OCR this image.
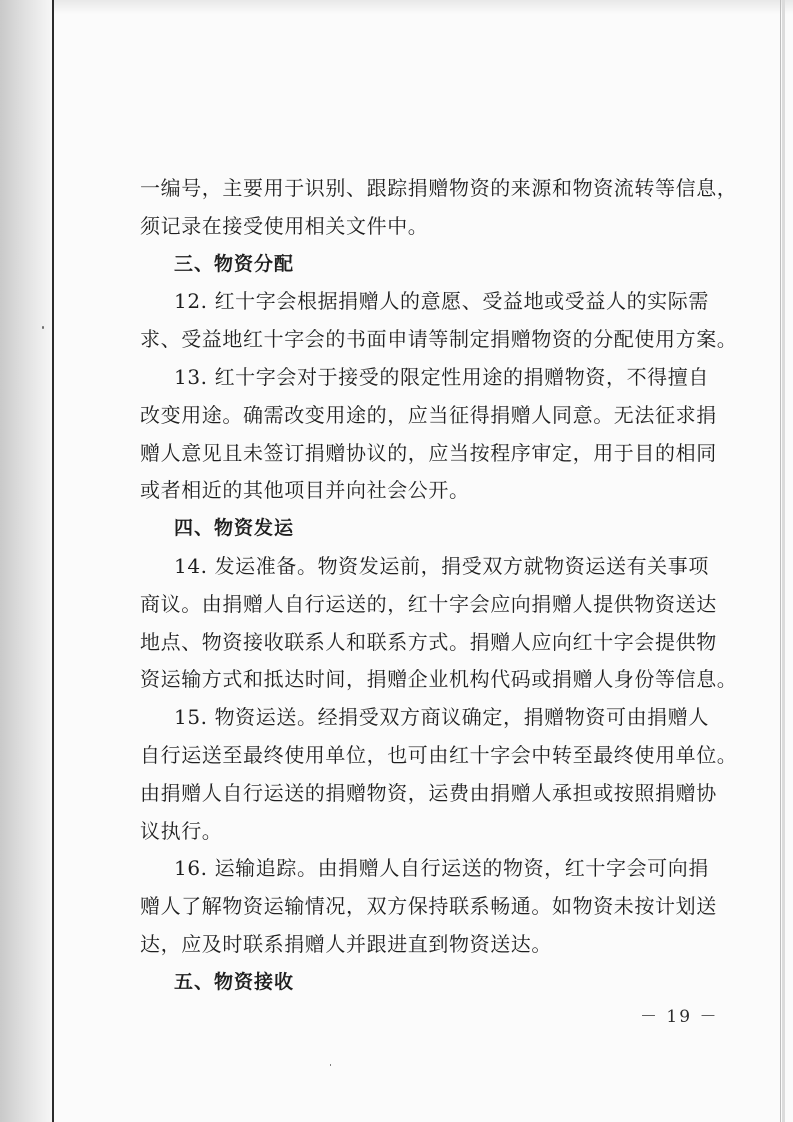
一编号，主要用于识别、跟踪捐赠物资的来源和物资流转等信息，
须记录在接受使用相关文件中。
三、物资分配
12. 红十字会根据捐赠人的意愿、受益地或受益人的实际需
求、受益地红十字会的书面申请等制定捐赠物资的分配使用方案。
13. 红十字会对于接受的限定性用途的捐赠物资，不得擅自
改变用途。确需改变用途的，应当征得捐赠人同意。无法征求捐
赠人意见且未签订捐赠协议的，应当按程序审定，用于目的相同
或者相近的其他项目并向社会公开。
四、物资发运
14. 发运准备。物资发运前，捐受双方就物资运送有关事项
商议。由捐赠人自行运送的，红十字会应向捐赠人提供物资送达
地点、物资接收联系人和联系方式。捐赠人应向红十字会提供物
资运输方式和抵达时间，捐赠企业机构代码或捐赠人身份等信息。
15. 物资运送。经捐受双方商议确定，捐赠物资可由捐赠人
自行运送至最终使用单位，也可由红十字会中转至最终使用单位。
由捐赠人自行运送的捐赠物资，运费由捐赠人承担或按照捐赠协
议执行。
16. 运输追踪。由捐赠人自行运送的物资，红十字会可向捐
赠人了解物资运输情况，双方保持联系畅通。如物资未按计划送
达，应及时联系捐赠人并跟进直到物资送达。
五、物资接收
－ 19 －
